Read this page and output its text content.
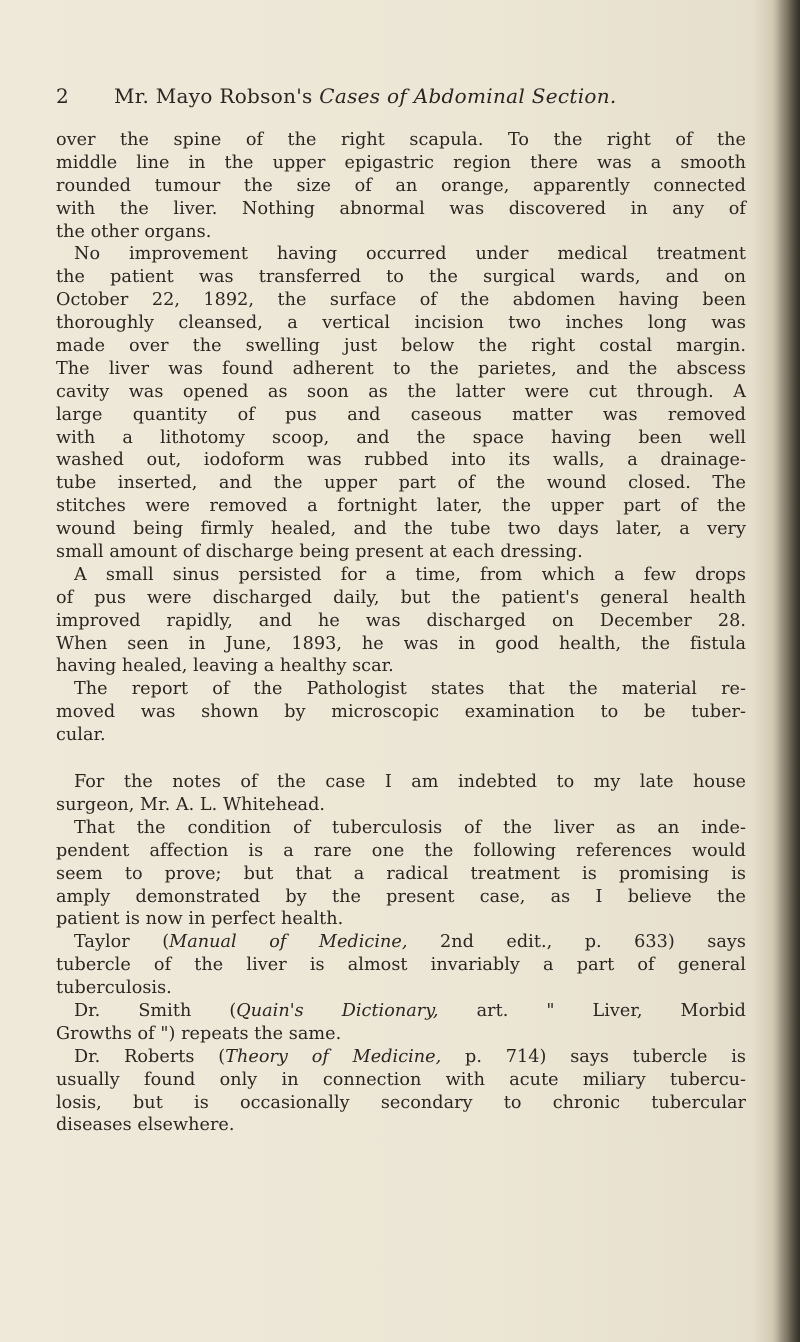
2 Mr. Mayo Robson's Cases of Abdominal Section.
over the spine of the right scapula. To the right of the
middle line in the upper epigastric region there was a smooth
rounded tumour the size of an orange, apparently connected
with the liver. Nothing abnormal was discovered in any of
the other organs.
No improvement having occurred under medical treatment
the patient was transferred to the surgical wards, and on
October 22, 1892, the surface of the abdomen having been
thoroughly cleansed, a vertical incision two inches long was
made over the swelling just below the right costal margin.
The liver was found adherent to the parietes, and the abscess
cavity was opened as soon as the latter were cut through. A
large quantity of pus and caseous matter was removed
with a lithotomy scoop, and the space having been well
washed out, iodoform was rubbed into its walls, a drainage-
tube inserted, and the upper part of the wound closed. The
stitches were removed a fortnight later, the upper part of the
wound being firmly healed, and the tube two days later, a very
small amount of discharge being present at each dressing.
A small sinus persisted for a time, from which a few drops
of pus were discharged daily, but the patient's general health
improved rapidly, and he was discharged on December 28.
When seen in June, 1893, he was in good health, the fistula
having healed, leaving a healthy scar.
The report of the Pathologist states that the material re-
moved was shown by microscopic examination to be tuber-
cular.
For the notes of the case I am indebted to my late house
surgeon, Mr. A. L. Whitehead.
That the condition of tuberculosis of the liver as an inde-
pendent affection is a rare one the following references would
seem to prove; but that a radical treatment is promising is
amply demonstrated by the present case, as I believe the
patient is now in perfect health.
Taylor (Manual of Medicine, 2nd edit., p. 633) says
tubercle of the liver is almost invariably a part of general
tuberculosis.
Dr. Smith (Quain's Dictionary, art. " Liver, Morbid
Growths of ") repeats the same.
Dr. Roberts (Theory of Medicine, p. 714) says tubercle is
usually found only in connection with acute miliary tubercu-
losis, but is occasionally secondary to chronic tubercular
diseases elsewhere.
